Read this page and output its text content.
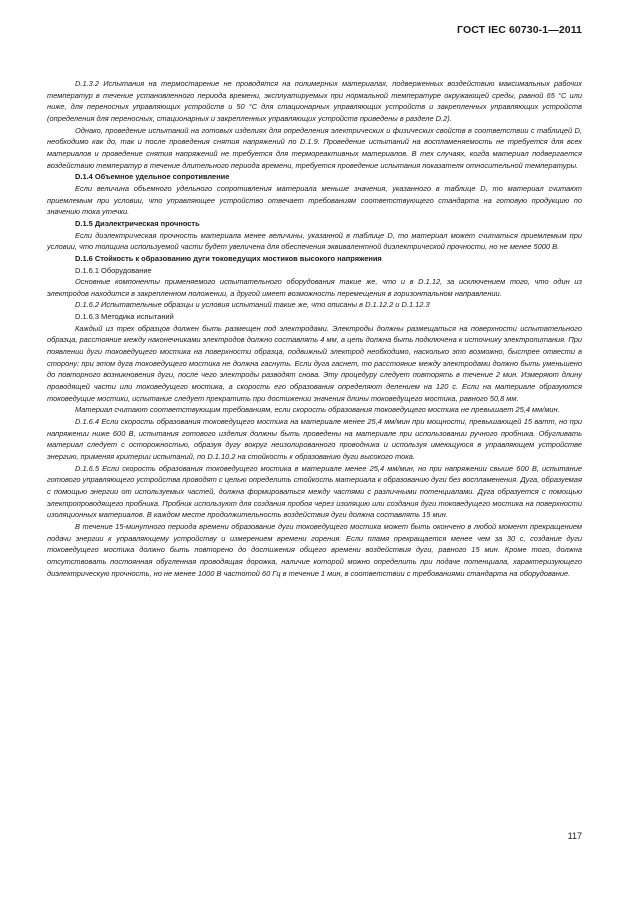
ГОСТ IEC 60730-1—2011

D.1.3.2 Испытания на термостарение не проводятся на полимерных материалах, подверженных воздействию максимальных рабочих температур в течение установленного периода времени, эксплуатируемых при нормальной температуре окружающей среды, равной 65 °С или ниже, для переносных управляющих устройств и 50 °С для стационарных управляющих устройств и закрепленных управляющих устройств (определения для переносных, стационарных и закрепленных управляющих устройств приведены в разделе D.2).

Однако, проведение испытаний на готовых изделиях для определения электрических и физических свойств в соответствии с таблицей D, необходимо как до, так и после проведения снятия напряжений по D.1.9. Проведение испытаний на воспламеняемость не требуется для всех материалов и проведение снятия напряжений не требуется для термореактивных материалов. В тех случаях, когда материал подвергается воздействию температур в течение длительного периода времени, требуется проведение испытания показателя относительной температуры.

D.1.4 Объемное удельное сопротивление

Если величина объемного удельного сопротивления материала меньше значения, указанного в таблице D, то материал считают приемлемым при условии, что управляющее устройство отвечает требованиям соответствующего стандарта на готовую продукцию по значению тока утечки.

D.1.5 Диэлектрическая прочность

Если диэлектрическая прочность материала менее величины, указанной в таблице D, то материал может считаться приемлемым при условии, что толщина используемой части будет увеличена для обеспечения эквивалентной диэлектрической прочности, но не менее 5000 В.

D.1.6 Стойкость к образованию дуги токоведущих мостиков высокого напряжения

D.1.6.1 Оборудование

Основные компоненты применяемого испытательного оборудования такие же, что и в D.1.12, за исключением того, что один из электродов находится в закрепленном положении, а другой имеет возможность перемещения в горизонтальном направлении.

D.1.6.2 Испытательные образцы и условия испытаний такие же, что описаны в D.1.12.2 и D.1.12.3

D.1.6.3 Методика испытаний

Каждый из трех образцов должен быть размещен под электродами. Электроды должны размещаться на поверхности испытательного образца, расстояние между наконечниками электродов должно составлять 4 мм, а цепь должна быть подключена к источнику электропитания. При появлении дуги токоведущего мостика на поверхности образца, подвижный электрод необходимо, насколько это возможно, быстрее отвести в сторону; при этом дуга токоведущего мостика не должна гаснуть. Если дуга гаснет, то расстояние между электродами должно быть уменьшено до повторного возникновения дуги, после чего электроды разводят снова. Эту процедуру следует повторять в течение 2 мин. Измеряют длину проводящей части или токоведущего мостика, а скорость его образования определяют делением на 120 с. Если на материале образуются токоведущие мостики, испытание следует прекратить при достижении значения длины токоведущего мостика, равного 50,8 мм.

Материал считают соответствующим требованиям, если скорость образования токоведущего мостика не превышает 25,4 мм/мин.

D.1.6.4 Если скорость образования токоведущего мостика на материале менее 25,4 мм/мин при мощности, превышающей 15 ватт, но при напряжении ниже 600 В, испытания готового изделия должны быть проведены на материале при использовании ручного пробника. Обугливать материал следует с осторожностью, образуя дугу вокруг неизолированного проводника и используя имеющуюся в управляющем устройстве энергию, применяя критерии испытаний, по D.1.10.2 на стойкость к образованию дуги высокого тока.

D.1.6.5 Если скорость образования токоведущего мостика в материале менее 25,4 мм/мин, но при напряжении свыше 600 В, испытание готового управляющего устройства проводят с целью определить стойкость материала к образованию дуги без воспламенения. Дуга, образуемая с помощью энергии от используемых частей, должна формироваться между частями с различными потенциалами. Дуга образуется с помощью электропроводящего пробника. Пробник используют для создания пробоя через изоляцию или создания дуги токоведущего мостика на поверхности изоляционных материалов. В каждом месте продолжительность воздействия дуги должна составлять 15 мин.

В течение 15-минутного периода времени образование дуги токоведущего мостика может быть окончено в любой момент прекращением подачи энергии к управляющему устройству и измерением времени горения. Если пламя прекращается менее чем за 30 с, создание дуги токоведущего мостика должно быть повторено до достижения общего времени воздействия дуги, равного 15 мин. Кроме того, должна отсутствовать постоянная обугленная проводящая дорожка, наличие которой можно определить при подаче потенциала, характеризующего диэлектрическую прочность, но не менее 1000 В частотой 60 Гц в течение 1 мин, в соответствии с требованиями стандарта на оборудование.

117
